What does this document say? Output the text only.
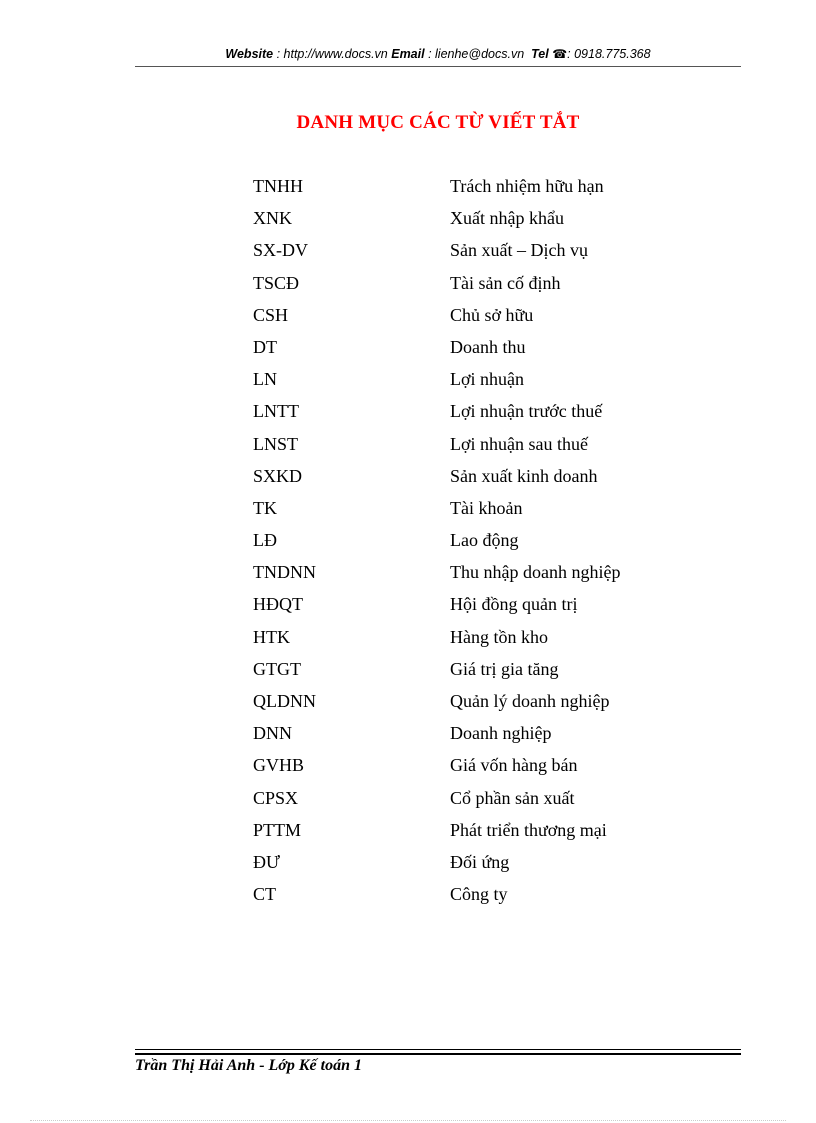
Website : http://www.docs.vn Email : lienhe@docs.vn Tel ☎: 0918.775.368
DANH MỤC CÁC TỪ VIẾT TẮT
TNHH	Trách nhiệm hữu hạn
XNK	Xuất nhập khẩu
SX-DV	Sản xuất – Dịch vụ
TSCĐ	Tài sản cố định
CSH	Chủ sở hữu
DT	Doanh thu
LN	Lợi nhuận
LNTT	Lợi nhuận trước thuế
LNST	Lợi nhuận sau thuế
SXKD	Sản xuất kinh doanh
TK	Tài khoản
LĐ	Lao động
TNDNN	Thu nhập doanh nghiệp
HĐQT	Hội đồng quản trị
HTK	Hàng tồn kho
GTGT	Giá trị gia tăng
QLDNN	Quản lý doanh nghiệp
DNN	Doanh nghiệp
GVHB	Giá vốn hàng bán
CPSX	Cổ phần sản xuất
PTTM	Phát triển thương mại
ĐƯ	Đối ứng
CT	Công ty
Trần Thị Hải Anh - Lớp Kế toán 1
